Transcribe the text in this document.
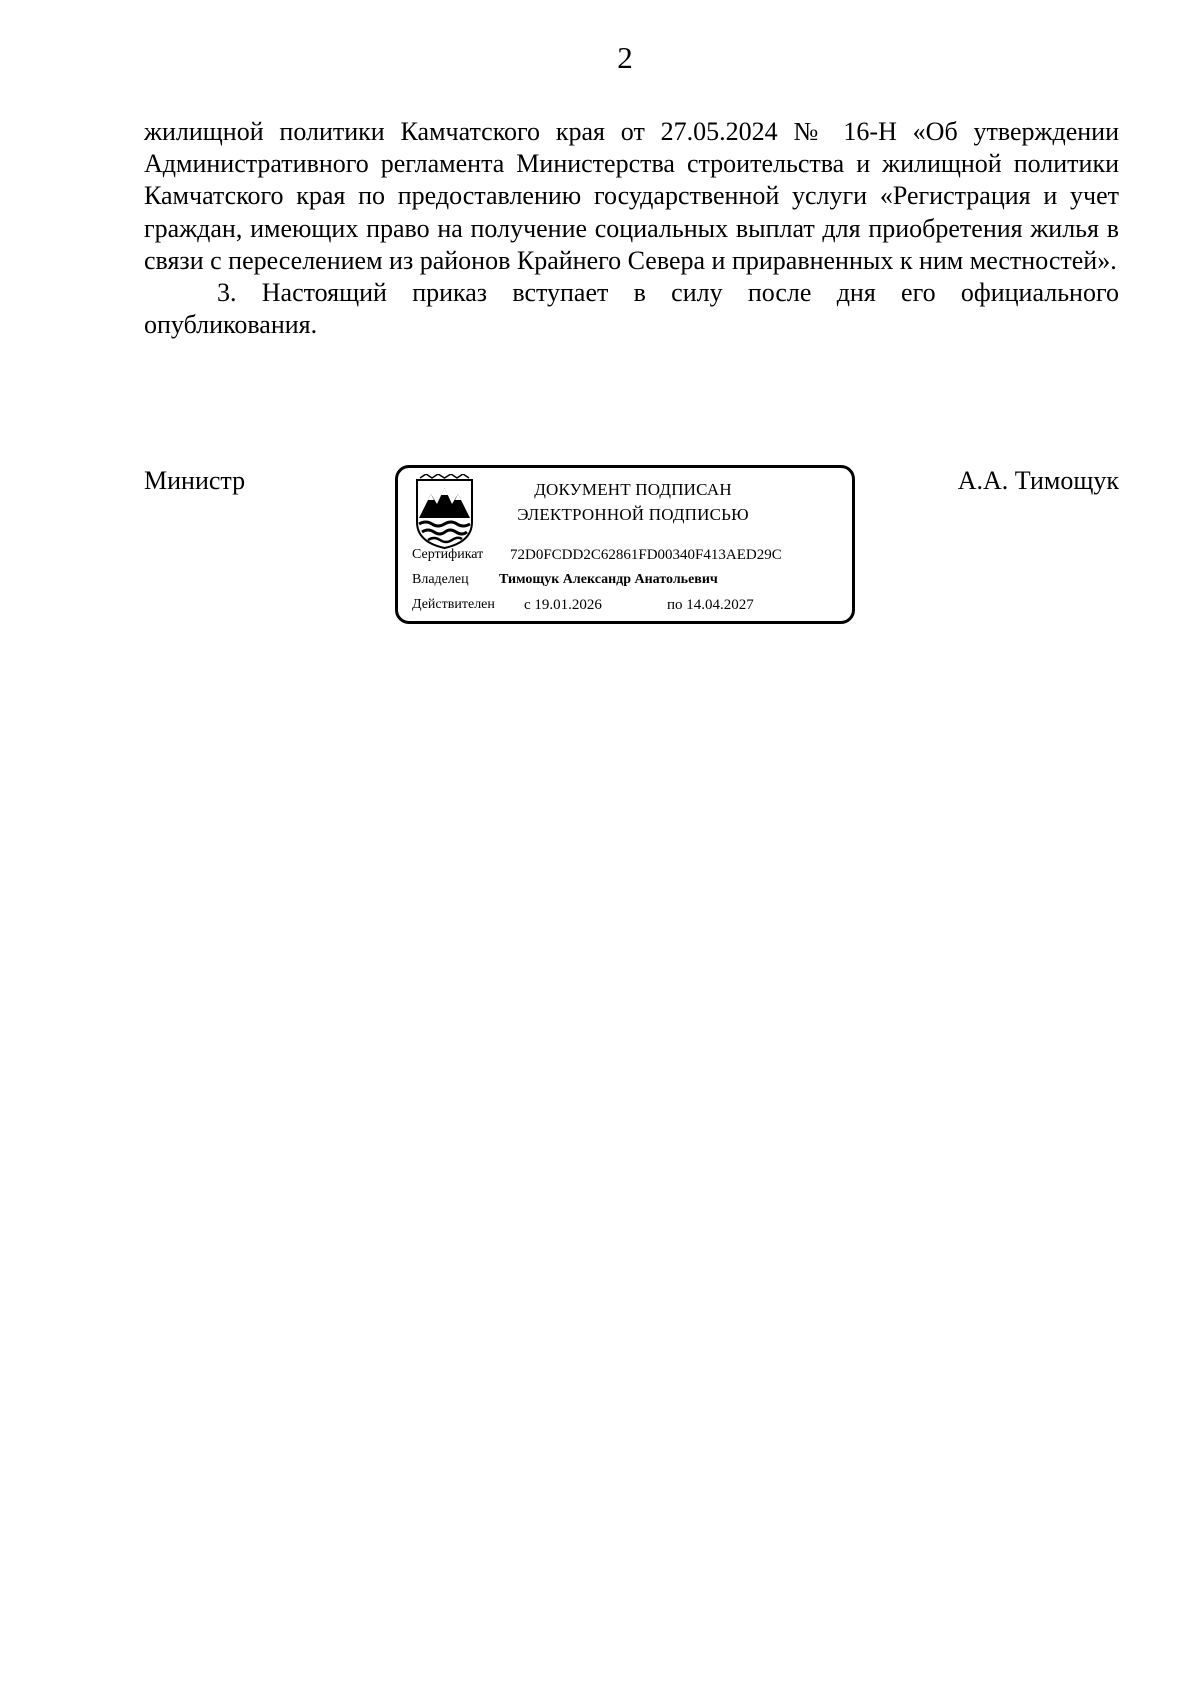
2

жилищной политики Камчатского края от 27.05.2024 № 16-Н «Об утверждении Административного регламента Министерства строительства и жилищной политики Камчатского края по предоставлению государственной услуги «Регистрация и учет граждан, имеющих право на получение социальных выплат для приобретения жилья в связи с переселением из районов Крайнего Севера и приравненных к ним местностей».

3. Настоящий приказ вступает в силу после дня его официального опубликования.

Министр	А.А. Тимощук
ДОКУМЕНТ ПОДПИСАН
ЭЛЕКТРОННОЙ ПОДПИСЬЮ
Сертификат 72D0FCDD2C62861FD00340F413AED29C
Владелец Тимощук Александр Анатольевич
Действителен с 19.01.2026	по 14.04.2027
